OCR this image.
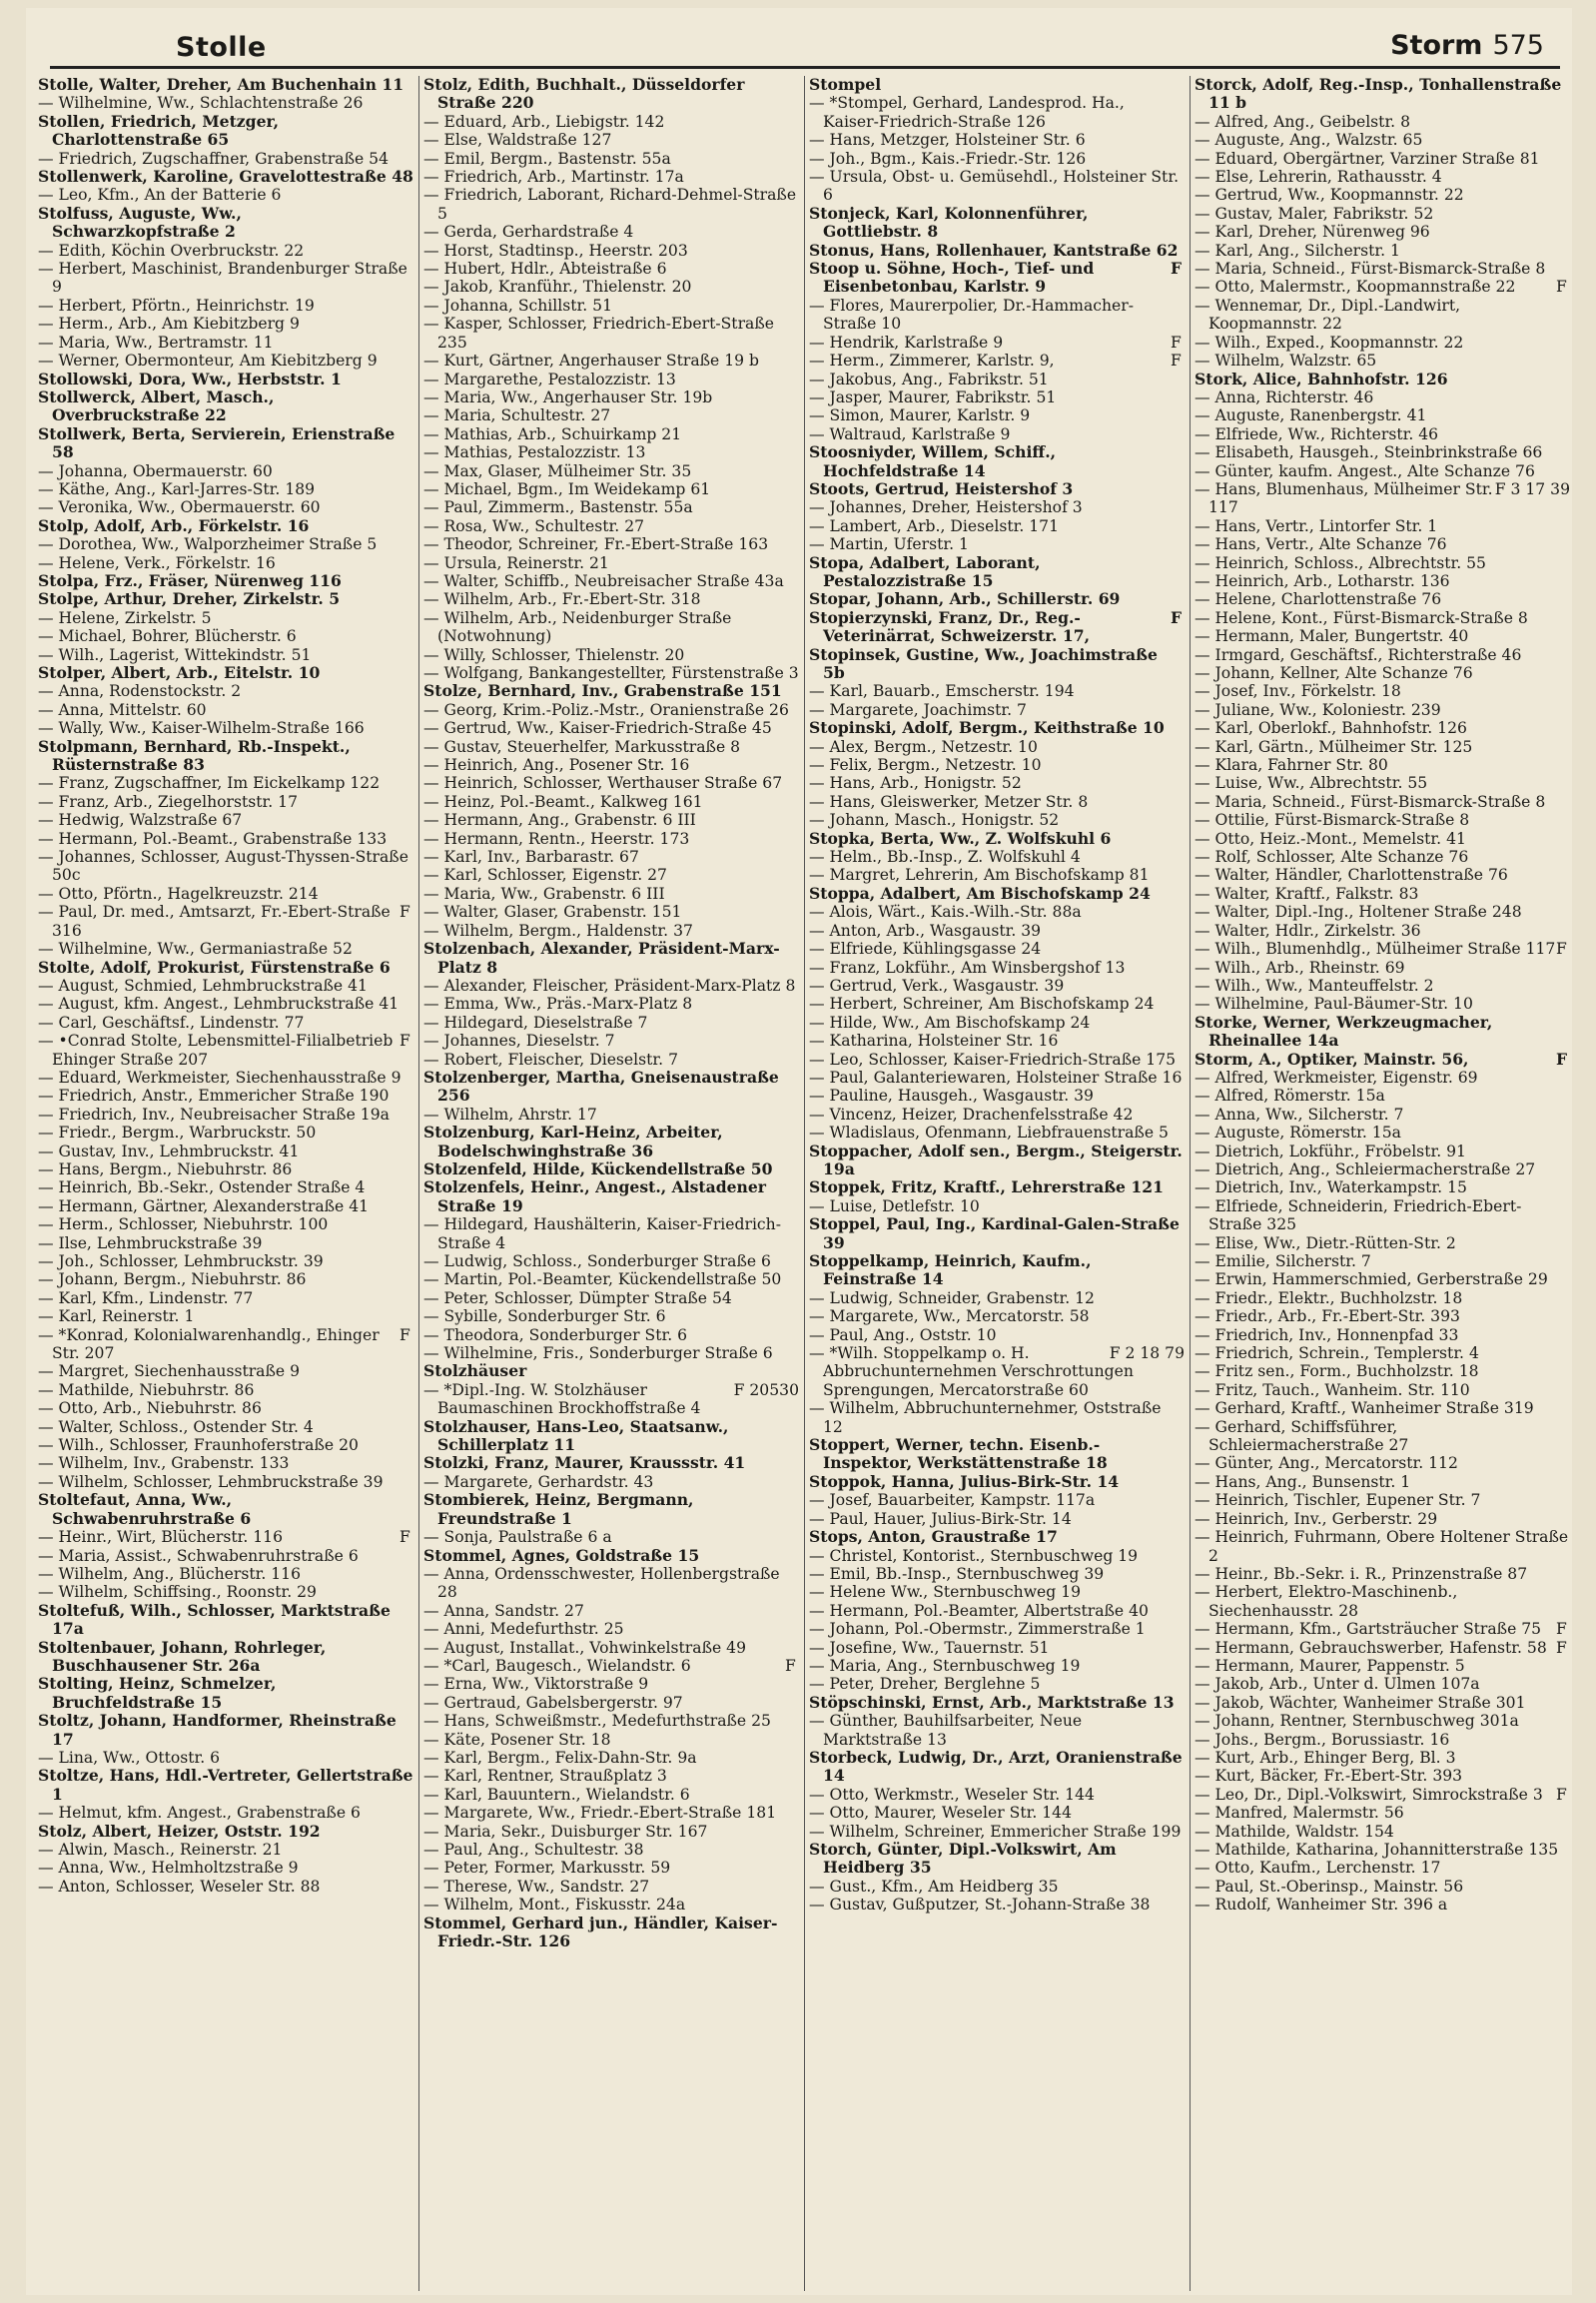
Stolle	Storm 575
Stolle, Walter, Dreher, Am Buchenhain 11
— Wilhelmine, Ww., Schlachtenstraße 26
Stollen, Friedrich, Metzger, Charlottenstraße 65
— Friedrich, Zugschaffner, Grabenstraße 54
Stollenwerk, Karoline, Gravelottestraße 48
— Leo, Kfm., An der Batterie 6
Stolfuss, Auguste, Ww., Schwarzkopfstraße 2
— Edith, Köchin Overbruckstr. 22
— Herbert, Maschinist, Brandenburger Straße 9
— Herbert, Pförtn., Heinrichstr. 19
— Herm., Arb., Am Kiebitzberg 9
— Maria, Ww., Bertramstr. 11
— Werner, Obermonteur, Am Kiebitzberg 9
Stollowski, Dora, Ww., Herbststr. 1
Stollwerck, Albert, Masch., Overbruckstraße 22
Stollwerk, Berta, Servierein, Erienstraße 58
— Johanna, Obermauerstr. 60
— Käthe, Ang., Karl-Jarres-Str. 189
— Veronika, Ww., Obermauerstr. 60
Stolp, Adolf, Arb., Förkelstr. 16
— Dorothea, Ww., Walporzheimer Straße 5
— Helene, Verk., Förkelstr. 16
Stolpa, Frz., Fräser, Nürenweg 116
Stolpe, Arthur, Dreher, Zirkelstr. 5
— Helene, Zirkelstr. 5
— Michael, Bohrer, Blücherstr. 6
— Wilh., Lagerist, Wittekindstr. 51
Stolper, Albert, Arb., Eitelstr. 10
— Anna, Rodenstockstr. 2
— Anna, Mittelstr. 60
— Wally, Ww., Kaiser-Wilhelm-Straße 166
Stolpmann, Bernhard, Rb.-Inspekt., Rüsternstraße 83
— Franz, Zugschaffner, Im Eickelkamp 122
— Franz, Arb., Ziegelhorststr. 17
— Hedwig, Walzstraße 67
— Hermann, Pol.-Beamt., Grabenstraße 133
— Johannes, Schlosser, August-Thyssen-Straße 50c
— Otto, Pförtn., Hagelkreuzstr. 214
F
— Paul, Dr. med., Amtsarzt, Fr.-Ebert-Straße 316
— Wilhelmine, Ww., Germaniastraße 52
Stolte, Adolf, Prokurist, Fürstenstraße 6
— August, Schmied, Lehmbruckstraße 41
— August, kfm. Angest., Lehmbruckstraße 41
— Carl, Geschäftsf., Lindenstr. 77
F
— •Conrad Stolte, Lebensmittel-Filialbetrieb Ehinger Straße 207
— Eduard, Werkmeister, Siechenhausstraße 9
— Friedrich, Anstr., Emmericher Straße 190
— Friedrich, Inv., Neubreisacher Straße 19a
— Friedr., Bergm., Warbruckstr. 50
— Gustav, Inv., Lehmbruckstr. 41
— Hans, Bergm., Niebuhrstr. 86
— Heinrich, Bb.-Sekr., Ostender Straße 4
— Hermann, Gärtner, Alexanderstraße 41
— Herm., Schlosser, Niebuhrstr. 100
— Ilse, Lehmbruckstraße 39
— Joh., Schlosser, Lehmbruckstr. 39
— Johann, Bergm., Niebuhrstr. 86
— Karl, Kfm., Lindenstr. 77
— Karl, Reinerstr. 1
F
— *Konrad, Kolonialwarenhandlg., Ehinger Str. 207
— Margret, Siechenhausstraße 9
— Mathilde, Niebuhrstr. 86
— Otto, Arb., Niebuhrstr. 86
— Walter, Schloss., Ostender Str. 4
— Wilh., Schlosser, Fraunhoferstraße 20
— Wilhelm, Inv., Grabenstr. 133
— Wilhelm, Schlosser, Lehmbruckstraße 39
Stoltefaut, Anna, Ww., Schwabenruhrstraße 6
F
— Heinr., Wirt, Blücherstr. 116
— Maria, Assist., Schwabenruhrstraße 6
— Wilhelm, Ang., Blücherstr. 116
— Wilhelm, Schiffsing., Roonstr. 29
Stoltefuß, Wilh., Schlosser, Marktstraße 17a
Stoltenbauer, Johann, Rohrleger, Buschhausener Str. 26a
Stolting, Heinz, Schmelzer, Bruchfeldstraße 15
Stoltz, Johann, Handformer, Rheinstraße 17
— Lina, Ww., Ottostr. 6
Stoltze, Hans, Hdl.-Vertreter, Gellertstraße 1
— Helmut, kfm. Angest., Grabenstraße 6
Stolz, Albert, Heizer, Oststr. 192
— Alwin, Masch., Reinerstr. 21
— Anna, Ww., Helmholtzstraße 9
— Anton, Schlosser, Weseler Str. 88
Stolz, Edith, Buchhalt., Düsseldorfer Straße 220
— Eduard, Arb., Liebigstr. 142
— Else, Waldstraße 127
— Emil, Bergm., Bastenstr. 55a
— Friedrich, Arb., Martinstr. 17a
— Friedrich, Laborant, Richard-Dehmel-Straße 5
— Gerda, Gerhardstraße 4
— Horst, Stadtinsp., Heerstr. 203
— Hubert, Hdlr., Abteistraße 6
— Jakob, Kranführ., Thielenstr. 20
— Johanna, Schillstr. 51
— Kasper, Schlosser, Friedrich-Ebert-Straße 235
— Kurt, Gärtner, Angerhauser Straße 19 b
— Margarethe, Pestalozzistr. 13
— Maria, Ww., Angerhauser Str. 19b
— Maria, Schultestr. 27
— Mathias, Arb., Schuirkamp 21
— Mathias, Pestalozzistr. 13
— Max, Glaser, Mülheimer Str. 35
— Michael, Bgm., Im Weidekamp 61
— Paul, Zimmerm., Bastenstr. 55a
— Rosa, Ww., Schultestr. 27
— Theodor, Schreiner, Fr.-Ebert-Straße 163
— Ursula, Reinerstr. 21
— Walter, Schiffb., Neubreisacher Straße 43a
— Wilhelm, Arb., Fr.-Ebert-Str. 318
— Wilhelm, Arb., Neidenburger Straße (Notwohnung)
— Willy, Schlosser, Thielenstr. 20
— Wolfgang, Bankangestellter, Fürstenstraße 3
Stolze, Bernhard, Inv., Grabenstraße 151
— Georg, Krim.-Poliz.-Mstr., Oranienstraße 26
— Gertrud, Ww., Kaiser-Friedrich-Straße 45
— Gustav, Steuerhelfer, Markusstraße 8
— Heinrich, Ang., Posener Str. 16
— Heinrich, Schlosser, Werthauser Straße 67
— Heinz, Pol.-Beamt., Kalkweg 161
— Hermann, Ang., Grabenstr. 6 III
— Hermann, Rentn., Heerstr. 173
— Karl, Inv., Barbarastr. 67
— Karl, Schlosser, Eigenstr. 27
— Maria, Ww., Grabenstr. 6 III
— Walter, Glaser, Grabenstr. 151
— Wilhelm, Bergm., Haldenstr. 37
Stolzenbach, Alexander, Präsident-Marx-Platz 8
— Alexander, Fleischer, Präsident-Marx-Platz 8
— Emma, Ww., Präs.-Marx-Platz 8
— Hildegard, Dieselstraße 7
— Johannes, Dieselstr. 7
— Robert, Fleischer, Dieselstr. 7
Stolzenberger, Martha, Gneisenaustraße 256
— Wilhelm, Ahrstr. 17
Stolzenburg, Karl-Heinz, Arbeiter, Bodelschwinghstraße 36
Stolzenfeld, Hilde, Kückendellstraße 50
Stolzenfels, Heinr., Angest., Alstadener Straße 19
— Hildegard, Haushälterin, Kaiser-Friedrich-Straße 4
— Ludwig, Schloss., Sonderburger Straße 6
— Martin, Pol.-Beamter, Kückendellstraße 50
— Peter, Schlosser, Dümpter Straße 54
— Sybille, Sonderburger Str. 6
— Theodora, Sonderburger Str. 6
— Wilhelmine, Fris., Sonderburger Straße 6
Stolzhäuser
F 20530
— *Dipl.-Ing. W. Stolzhäuser Baumaschinen Brockhoffstraße 4
Stolzhauser, Hans-Leo, Staatsanw., Schillerplatz 11
Stolzki, Franz, Maurer, Kraussstr. 41
— Margarete, Gerhardstr. 43
Stombierek, Heinz, Bergmann, Freundstraße 1
— Sonja, Paulstraße 6 a
Stommel, Agnes, Goldstraße 15
— Anna, Ordensschwester, Hollenbergstraße 28
— Anna, Sandstr. 27
— Anni, Medefurthstr. 25
— August, Installat., Vohwinkelstraße 49
F
— *Carl, Baugesch., Wielandstr. 6
— Erna, Ww., Viktorstraße 9
— Gertraud, Gabelsbergerstr. 97
— Hans, Schweißmstr., Medefurthstraße 25
— Käte, Posener Str. 18
— Karl, Bergm., Felix-Dahn-Str. 9a
— Karl, Rentner, Straußplatz 3
— Karl, Bauuntern., Wielandstr. 6
— Margarete, Ww., Friedr.-Ebert-Straße 181
— Maria, Sekr., Duisburger Str. 167
— Paul, Ang., Schultestr. 38
— Peter, Former, Markusstr. 59
— Therese, Ww., Sandstr. 27
— Wilhelm, Mont., Fiskusstr. 24a
Stommel, Gerhard jun., Händler, Kaiser-Friedr.-Str. 126
Stompel
— *Stompel, Gerhard, Landesprod. Ha., Kaiser-Friedrich-Straße 126
— Hans, Metzger, Holsteiner Str. 6
— Joh., Bgm., Kais.-Friedr.-Str. 126
— Ursula, Obst- u. Gemüsehdl., Holsteiner Str. 6
Stonjeck, Karl, Kolonnenführer, Gottliebstr. 8
Stonus, Hans, Rollenhauer, Kantstraße 62
F
Stoop u. Söhne, Hoch-, Tief- und Eisenbetonbau, Karlstr. 9
— Flores, Maurerpolier, Dr.-Hammacher-Straße 10
F
— Hendrik, Karlstraße 9
F
— Herm., Zimmerer, Karlstr. 9,
— Jakobus, Ang., Fabrikstr. 51
— Jasper, Maurer, Fabrikstr. 51
— Simon, Maurer, Karlstr. 9
— Waltraud, Karlstraße 9
Stoosniyder, Willem, Schiff., Hochfeldstraße 14
Stoots, Gertrud, Heistershof 3
— Johannes, Dreher, Heistershof 3
— Lambert, Arb., Dieselstr. 171
— Martin, Uferstr. 1
Stopa, Adalbert, Laborant, Pestalozzistraße 15
Stopar, Johann, Arb., Schillerstr. 69
F
Stopierzynski, Franz, Dr., Reg.-Veterinärrat, Schweizerstr. 17,
Stopinsek, Gustine, Ww., Joachimstraße 5b
— Karl, Bauarb., Emscherstr. 194
— Margarete, Joachimstr. 7
Stopinski, Adolf, Bergm., Keithstraße 10
— Alex, Bergm., Netzestr. 10
— Felix, Bergm., Netzestr. 10
— Hans, Arb., Honigstr. 52
— Hans, Gleiswerker, Metzer Str. 8
— Johann, Masch., Honigstr. 52
Stopka, Berta, Ww., Z. Wolfskuhl 6
— Helm., Bb.-Insp., Z. Wolfskuhl 4
— Margret, Lehrerin, Am Bischofskamp 81
Stoppa, Adalbert, Am Bischofskamp 24
— Alois, Wärt., Kais.-Wilh.-Str. 88a
— Anton, Arb., Wasgaustr. 39
— Elfriede, Kühlingsgasse 24
— Franz, Lokführ., Am Winsbergshof 13
— Gertrud, Verk., Wasgaustr. 39
— Herbert, Schreiner, Am Bischofskamp 24
— Hilde, Ww., Am Bischofskamp 24
— Katharina, Holsteiner Str. 16
— Leo, Schlosser, Kaiser-Friedrich-Straße 175
— Paul, Galanteriewaren, Holsteiner Straße 16
— Pauline, Hausgeh., Wasgaustr. 39
— Vincenz, Heizer, Drachenfelsstraße 42
— Wladislaus, Ofenmann, Liebfrauenstraße 5
Stoppacher, Adolf sen., Bergm., Steigerstr. 19a
Stoppek, Fritz, Kraftf., Lehrerstraße 121
— Luise, Detlefstr. 10
Stoppel, Paul, Ing., Kardinal-Galen-Straße 39
Stoppelkamp, Heinrich, Kaufm., Feinstraße 14
— Ludwig, Schneider, Grabenstr. 12
— Margarete, Ww., Mercatorstr. 58
— Paul, Ang., Oststr. 10
F 2 18 79
— *Wilh. Stoppelkamp o. H. Abbruchunternehmen Verschrottungen Sprengungen, Mercatorstraße 60
— Wilhelm, Abbruchunternehmer, Oststraße 12
Stoppert, Werner, techn. Eisenb.-Inspektor, Werkstättenstraße 18
Stoppok, Hanna, Julius-Birk-Str. 14
— Josef, Bauarbeiter, Kampstr. 117a
— Paul, Hauer, Julius-Birk-Str. 14
Stops, Anton, Graustraße 17
— Christel, Kontorist., Sternbuschweg 19
— Emil, Bb.-Insp., Sternbuschweg 39
— Helene Ww., Sternbuschweg 19
— Hermann, Pol.-Beamter, Albertstraße 40
— Johann, Pol.-Obermstr., Zimmerstraße 1
— Josefine, Ww., Tauernstr. 51
— Maria, Ang., Sternbuschweg 19
— Peter, Dreher, Berglehne 5
Stöpschinski, Ernst, Arb., Marktstraße 13
— Günther, Bauhilfsarbeiter, Neue Marktstraße 13
Storbeck, Ludwig, Dr., Arzt, Oranienstraße 14
— Otto, Werkmstr., Weseler Str. 144
— Otto, Maurer, Weseler Str. 144
— Wilhelm, Schreiner, Emmericher Straße 199
Storch, Günter, Dipl.-Volkswirt, Am Heidberg 35
— Gust., Kfm., Am Heidberg 35
— Gustav, Gußputzer, St.-Johann-Straße 38
Storck, Adolf, Reg.-Insp., Tonhallenstraße 11 b
— Alfred, Ang., Geibelstr. 8
— Auguste, Ang., Walzstr. 65
— Eduard, Obergärtner, Varziner Straße 81
— Else, Lehrerin, Rathausstr. 4
— Gertrud, Ww., Koopmannstr. 22
— Gustav, Maler, Fabrikstr. 52
— Karl, Dreher, Nürenweg 96
— Karl, Ang., Silcherstr. 1
— Maria, Schneid., Fürst-Bismarck-Straße 8
F
— Otto, Malermstr., Koopmannstraße 22
— Wennemar, Dr., Dipl.-Landwirt, Koopmannstr. 22
— Wilh., Exped., Koopmannstr. 22
— Wilhelm, Walzstr. 65
Stork, Alice, Bahnhofstr. 126
— Anna, Richterstr. 46
— Auguste, Ranenbergstr. 41
— Elfriede, Ww., Richterstr. 46
— Elisabeth, Hausgeh., Steinbrinkstraße 66
— Günter, kaufm. Angest., Alte Schanze 76
F 3 17 39
— Hans, Blumenhaus, Mülheimer Str. 117
— Hans, Vertr., Lintorfer Str. 1
— Hans, Vertr., Alte Schanze 76
— Heinrich, Schloss., Albrechtstr. 55
— Heinrich, Arb., Lotharstr. 136
— Helene, Charlottenstraße 76
— Helene, Kont., Fürst-Bismarck-Straße 8
— Hermann, Maler, Bungertstr. 40
— Irmgard, Geschäftsf., Richterstraße 46
— Johann, Kellner, Alte Schanze 76
— Josef, Inv., Förkelstr. 18
— Juliane, Ww., Koloniestr. 239
— Karl, Oberlokf., Bahnhofstr. 126
— Karl, Gärtn., Mülheimer Str. 125
— Klara, Fahrner Str. 80
— Luise, Ww., Albrechtstr. 55
— Maria, Schneid., Fürst-Bismarck-Straße 8
— Ottilie, Fürst-Bismarck-Straße 8
— Otto, Heiz.-Mont., Memelstr. 41
— Rolf, Schlosser, Alte Schanze 76
— Walter, Händler, Charlottenstraße 76
— Walter, Kraftf., Falkstr. 83
— Walter, Dipl.-Ing., Holtener Straße 248
— Walter, Hdlr., Zirkelstr. 36
F
— Wilh., Blumenhdlg., Mülheimer Straße 117
— Wilh., Arb., Rheinstr. 69
— Wilh., Ww., Manteuffelstr. 2
— Wilhelmine, Paul-Bäumer-Str. 10
Storke, Werner, Werkzeugmacher, Rheinallee 14a
F
Storm, A., Optiker, Mainstr. 56,
— Alfred, Werkmeister, Eigenstr. 69
— Alfred, Römerstr. 15a
— Anna, Ww., Silcherstr. 7
— Auguste, Römerstr. 15a
— Dietrich, Lokführ., Fröbelstr. 91
— Dietrich, Ang., Schleiermacherstraße 27
— Dietrich, Inv., Waterkampstr. 15
— Elfriede, Schneiderin, Friedrich-Ebert-Straße 325
— Elise, Ww., Dietr.-Rütten-Str. 2
— Emilie, Silcherstr. 7
— Erwin, Hammerschmied, Gerberstraße 29
— Friedr., Elektr., Buchholzstr. 18
— Friedr., Arb., Fr.-Ebert-Str. 393
— Friedrich, Inv., Honnenpfad 33
— Friedrich, Schrein., Templerstr. 4
— Fritz sen., Form., Buchholzstr. 18
— Fritz, Tauch., Wanheim. Str. 110
— Gerhard, Kraftf., Wanheimer Straße 319
— Gerhard, Schiffsführer, Schleiermacherstraße 27
— Günter, Ang., Mercatorstr. 112
— Hans, Ang., Bunsenstr. 1
— Heinrich, Tischler, Eupener Str. 7
— Heinrich, Inv., Gerberstr. 29
— Heinrich, Fuhrmann, Obere Holtener Straße 2
— Heinr., Bb.-Sekr. i. R., Prinzenstraße 87
— Herbert, Elektro-Maschinenb., Siechenhausstr. 28
F
— Hermann, Kfm., Gartsträucher Straße 75
F
— Hermann, Gebrauchswerber, Hafenstr. 58
— Hermann, Maurer, Pappenstr. 5
— Jakob, Arb., Unter d. Ulmen 107a
— Jakob, Wächter, Wanheimer Straße 301
— Johann, Rentner, Sternbuschweg 301a
— Johs., Bergm., Borussiastr. 16
— Kurt, Arb., Ehinger Berg, Bl. 3
— Kurt, Bäcker, Fr.-Ebert-Str. 393
F
— Leo, Dr., Dipl.-Volkswirt, Simrockstraße 3
— Manfred, Malermstr. 56
— Mathilde, Waldstr. 154
— Mathilde, Katharina, Johannitterstraße 135
— Otto, Kaufm., Lerchenstr. 17
— Paul, St.-Oberinsp., Mainstr. 56
— Rudolf, Wanheimer Str. 396 a
